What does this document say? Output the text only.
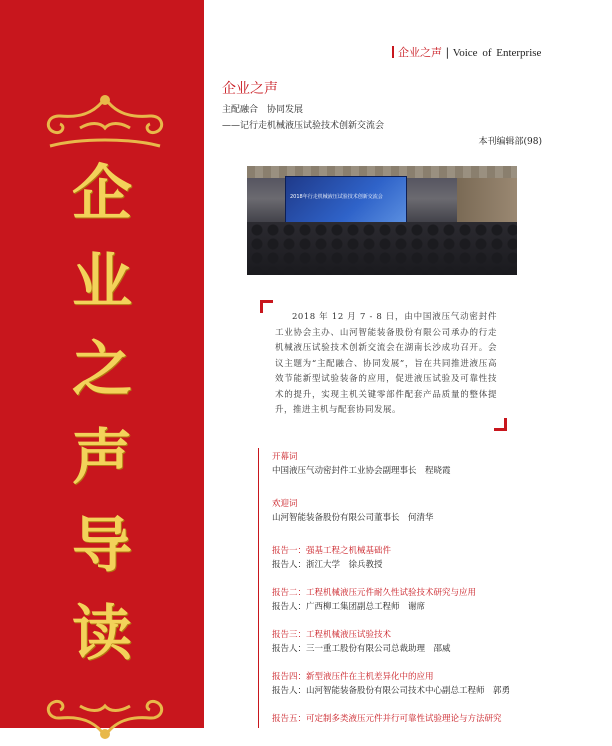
企
业
之
声
导
读
企业之声 | Voice of Enterprise
企业之声
主配融合　协同发展
——记行走机械液压试验技术创新交流会
本刊编辑部(98)
2018年行走机械液压试验技术创新交流会
2018 年 12 月 7 - 8 日，由中国液压气动密封件工业协会主办、山河智能装备股份有限公司承办的行走机械液压试验技术创新交流会在湖南长沙成功召开。会议主题为“主配融合、协同发展”，旨在共同推进液压高效节能新型试验装备的应用，促进液压试验及可靠性技术的提升，实现主机关键零部件配套产品质量的整体提升，推进主机与配套协同发展。
开幕词
中国液压气动密封件工业协会副理事长　程晓霞
欢迎词
山河智能装备股份有限公司董事长　何清华
报告一：强基工程之机械基础件
报告人：浙江大学　徐兵教授
报告二：工程机械液压元件耐久性试验技术研究与应用
报告人：广西柳工集团副总工程师　谢席
报告三：工程机械液压试验技术
报告人：三一重工股份有限公司总裁助理　邵威
报告四：新型液压件在主机差异化中的应用
报告人：山河智能装备股份有限公司技术中心副总工程师　郭勇
报告五：可定制多类液压元件并行可靠性试验理论与方法研究
